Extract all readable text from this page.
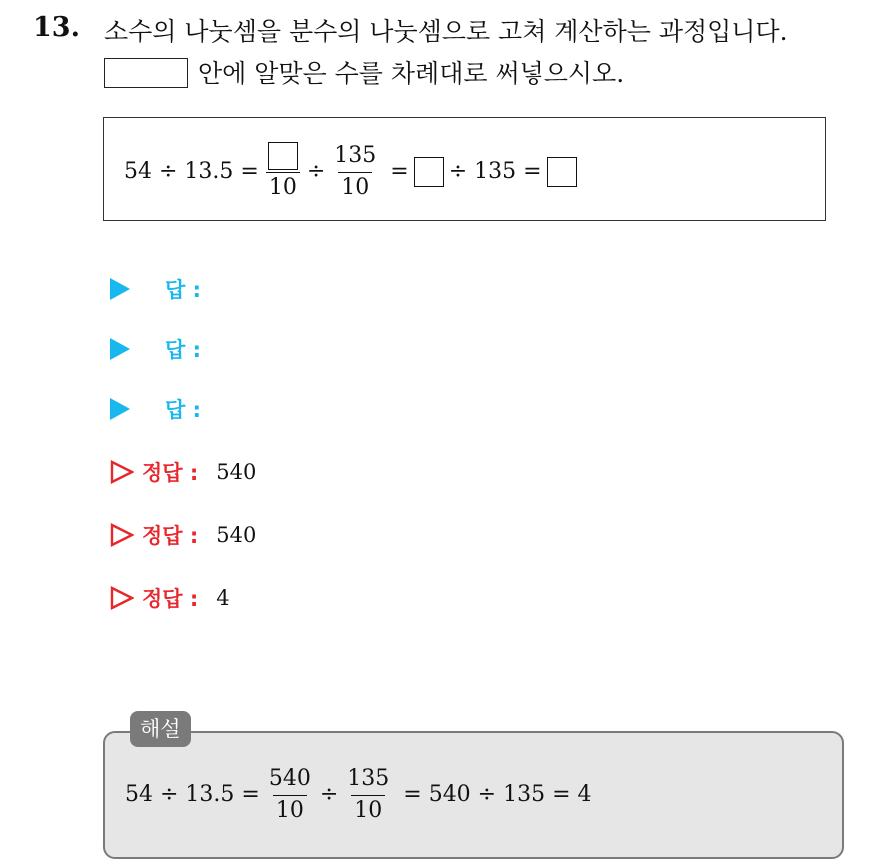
13. 소수의 나눗셈을 분수의 나눗셈으로 고쳐 계산하는 과정입니다.
안에 알맞은 수를 차례대로 써넣으시오.
54 ÷ 13.5 =
10
÷ $\frac{135}{10}$ = ÷ 135 =
답 :
답 :
답 :
정답 : 540
정답 : 540
정답 : 4
$54 \div 13.5 = \frac{540}{10} \div \frac{135}{10} = 540 \div 135 = 4$
해설
